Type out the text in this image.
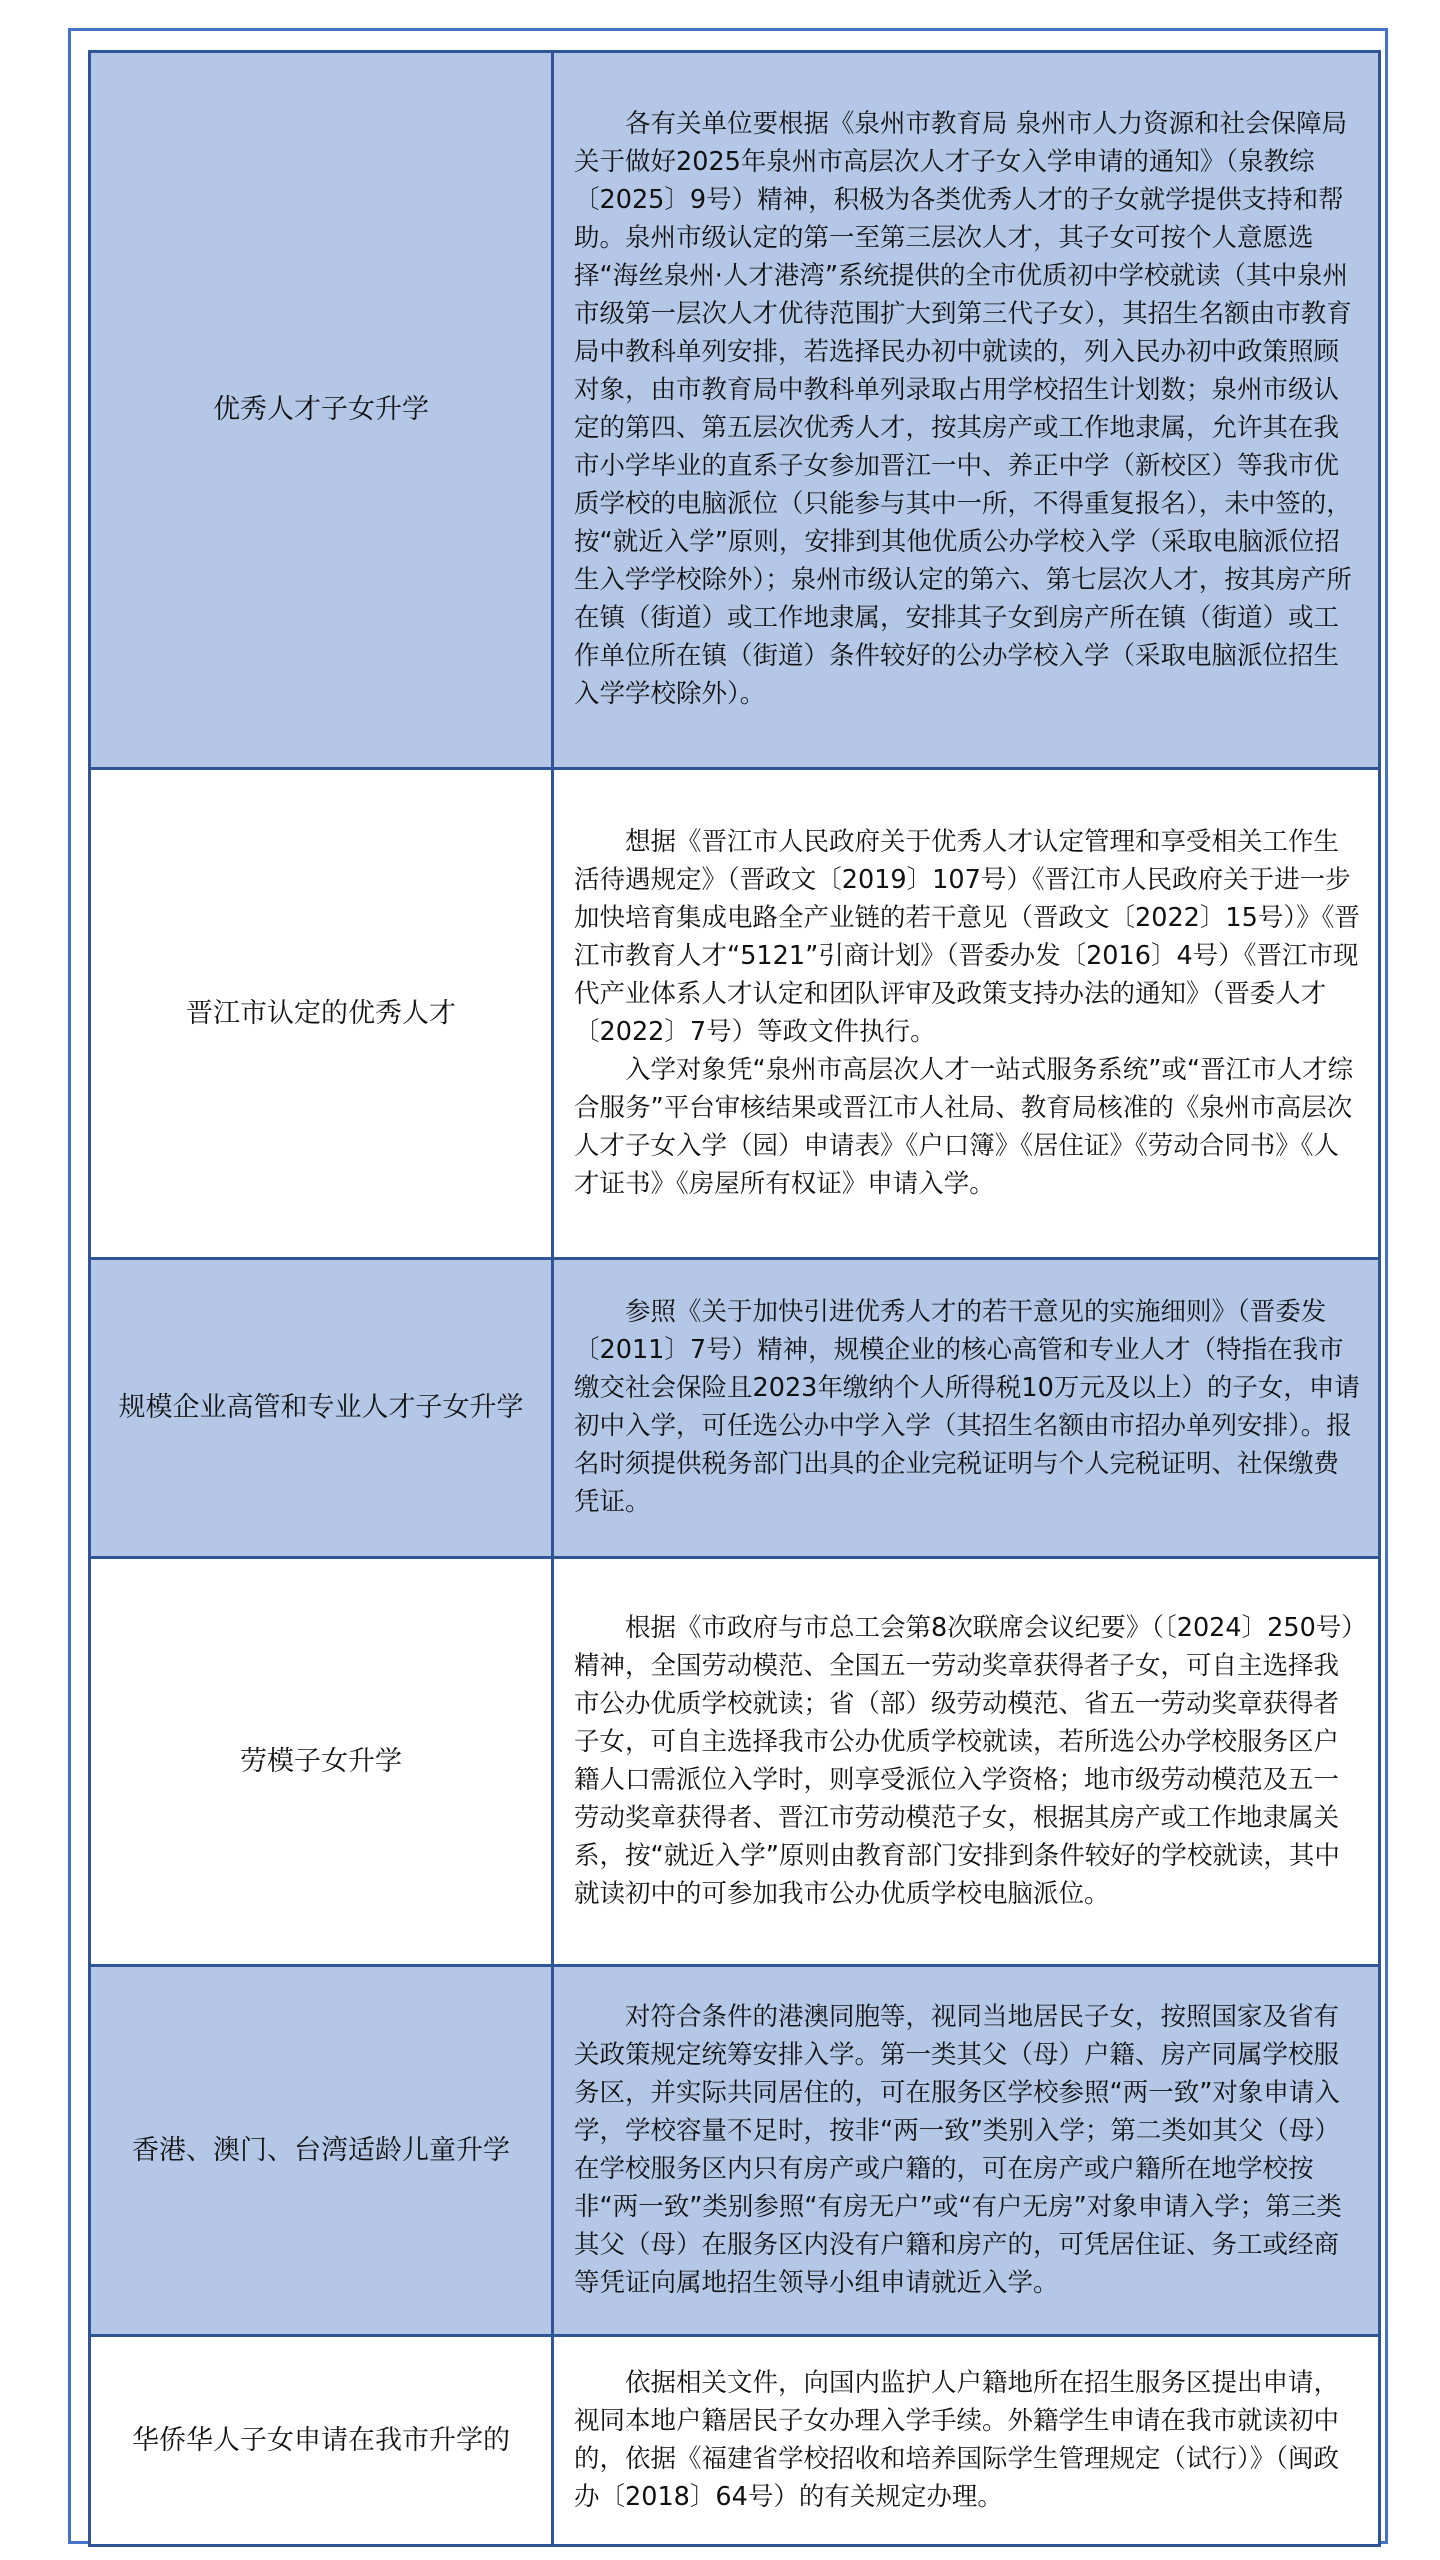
优秀人才子女升学	各有关单位要根据《泉州市教育局 泉州市人力资源和社会保障局关于做好2025年泉州市高层次人才子女入学申请的通知》（泉教综〔2025〕9号）精神，积极为各类优秀人才的子女就学提供支持和帮助。泉州市级认定的第一至第三层次人才，其子女可按个人意愿选择“海丝泉州·人才港湾”系统提供的全市优质初中学校就读（其中泉州市级第一层次人才优待范围扩大到第三代子女），其招生名额由市教育局中教科单列安排，若选择民办初中就读的，列入民办初中政策照顾对象，由市教育局中教科单列录取占用学校招生计划数；泉州市级认定的第四、第五层次优秀人才，按其房产或工作地隶属，允许其在我市小学毕业的直系子女参加晋江一中、养正中学（新校区）等我市优质学校的电脑派位（只能参与其中一所，不得重复报名），未中签的，按“就近入学”原则，安排到其他优质公办学校入学（采取电脑派位招生入学学校除外）；泉州市级认定的第六、第七层次人才，按其房产所在镇（街道）或工作地隶属，安排其子女到房产所在镇（街道）或工作单位所在镇（街道）条件较好的公办学校入学（采取电脑派位招生入学学校除外）。

晋江市认定的优秀人才	想据《晋江市人民政府关于优秀人才认定管理和享受相关工作生活待遇规定》（晋政文〔2019〕107号）《晋江市人民政府关于进一步加快培育集成电路全产业链的若干意见（晋政文〔2022〕15号）》《晋江市教育人才“5121”引商计划》（晋委办发〔2016〕4号）《晋江市现代产业体系人才认定和团队评审及政策支持办法的通知》（晋委人才〔2022〕7号）等政文件执行。

入学对象凭“泉州市高层次人才一站式服务系统”或“晋江市人才综合服务”平台审核结果或晋江市人社局、教育局核准的《泉州市高层次人才子女入学（园）申请表》《户口簿》《居住证》《劳动合同书》《人才证书》《房屋所有权证》申请入学。

规模企业高管和专业人才子女升学	参照《关于加快引进优秀人才的若干意见的实施细则》（晋委发〔2011〕7号）精神，规模企业的核心高管和专业人才（特指在我市缴交社会保险且2023年缴纳个人所得税10万元及以上）的子女，申请初中入学，可任选公办中学入学（其招生名额由市招办单列安排）。报名时须提供税务部门出具的企业完税证明与个人完税证明、社保缴费凭证。

劳模子女升学	根据《市政府与市总工会第8次联席会议纪要》（〔2024〕250号）精神，全国劳动模范、全国五一劳动奖章获得者子女，可自主选择我市公办优质学校就读；省（部）级劳动模范、省五一劳动奖章获得者子女，可自主选择我市公办优质学校就读，若所选公办学校服务区户籍人口需派位入学时，则享受派位入学资格；地市级劳动模范及五一劳动奖章获得者、晋江市劳动模范子女，根据其房产或工作地隶属关系，按“就近入学”原则由教育部门安排到条件较好的学校就读，其中就读初中的可参加我市公办优质学校电脑派位。

香港、澳门、台湾适龄儿童升学	对符合条件的港澳同胞等，视同当地居民子女，按照国家及省有关政策规定统筹安排入学。第一类其父（母）户籍、房产同属学校服务区，并实际共同居住的，可在服务区学校参照“两一致”对象申请入学，学校容量不足时，按非“两一致”类别入学；第二类如其父（母）在学校服务区内只有房产或户籍的，可在房产或户籍所在地学校按非“两一致”类别参照“有房无户”或“有户无房”对象申请入学；第三类其父（母）在服务区内没有户籍和房产的，可凭居住证、务工或经商等凭证向属地招生领导小组申请就近入学。

华侨华人子女申请在我市升学的	依据相关文件，向国内监护人户籍地所在招生服务区提出申请，视同本地户籍居民子女办理入学手续。外籍学生申请在我市就读初中的，依据《福建省学校招收和培养国际学生管理规定（试行）》（闽政办〔2018〕64号）的有关规定办理。
